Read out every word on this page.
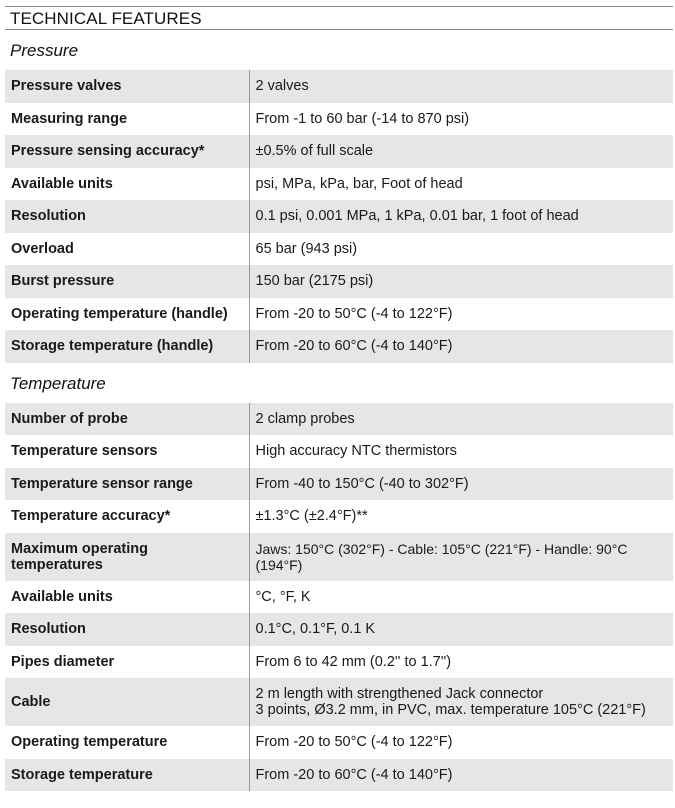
TECHNICAL FEATURES
Pressure
Pressure valves	2 valves
Measuring range	From -1 to 60 bar (-14 to 870 psi)
Pressure sensing accuracy*	±0.5% of full scale
Available units	psi, MPa, kPa, bar, Foot of head
Resolution	0.1 psi, 0.001 MPa, 1 kPa, 0.01 bar, 1 foot of head
Overload	65 bar (943 psi)
Burst pressure	150 bar (2175 psi)
Operating temperature (handle)	From -20 to 50°C (-4 to 122°F)
Storage temperature (handle)	From -20 to 60°C (-4 to 140°F)
Temperature
Number of probe	2 clamp probes
Temperature sensors	High accuracy NTC thermistors
Temperature sensor range	From -40 to 150°C (-40 to 302°F)
Temperature accuracy*	±1.3°C (±2.4°F)**
Maximum operating temperatures	Jaws: 150°C (302°F) - Cable: 105°C (221°F) - Handle: 90°C (194°F)
Available units	°C, °F, K
Resolution	0.1°C, 0.1°F, 0.1 K
Pipes diameter	From 6 to 42 mm (0.2'' to 1.7'')
Cable	2 m length with strengthened Jack connector
3 points, Ø3.2 mm, in PVC, max. temperature 105°C (221°F)
Operating temperature	From -20 to 50°C (-4 to 122°F)
Storage temperature	From -20 to 60°C (-4 to 140°F)
